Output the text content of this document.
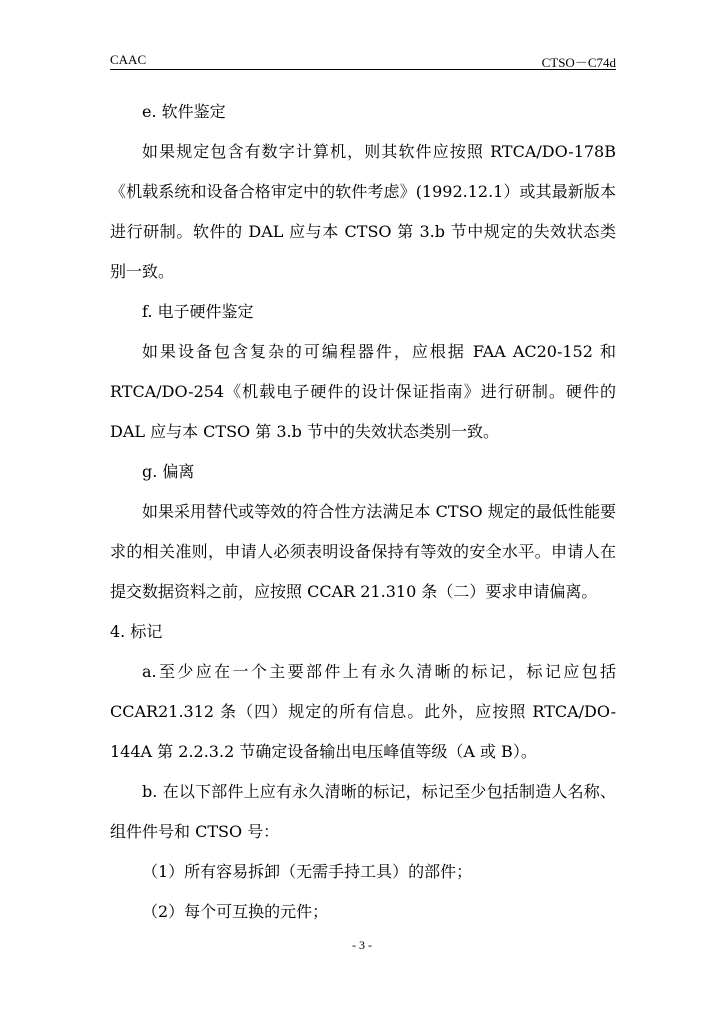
CAAC	CTSO－C74d

e. 软件鉴定

如果规定包含有数字计算机，则其软件应按照 RTCA/DO-178B《机载系统和设备合格审定中的软件考虑》(1992.12.1）或其最新版本进行研制。软件的 DAL 应与本 CTSO 第 3.b 节中规定的失效状态类别一致。

f. 电子硬件鉴定

如果设备包含复杂的可编程器件，应根据 FAA AC20-152 和 RTCA/DO-254《机载电子硬件的设计保证指南》进行研制。硬件的 DAL 应与本 CTSO 第 3.b 节中的失效状态类别一致。

g. 偏离

如果采用替代或等效的符合性方法满足本 CTSO 规定的最低性能要求的相关准则，申请人必须表明设备保持有等效的安全水平。申请人在提交数据资料之前，应按照 CCAR 21.310 条（二）要求申请偏离。

4. 标记

a.至少应在一个主要部件上有永久清晰的标记，标记应包括 CCAR21.312 条（四）规定的所有信息。此外，应按照 RTCA/DO-144A 第 2.2.3.2 节确定设备输出电压峰值等级（A 或 B）。

b. 在以下部件上应有永久清晰的标记，标记至少包括制造人名称、组件件号和 CTSO 号：

（1）所有容易拆卸（无需手持工具）的部件；

（2）每个可互换的元件；

- 3 -
